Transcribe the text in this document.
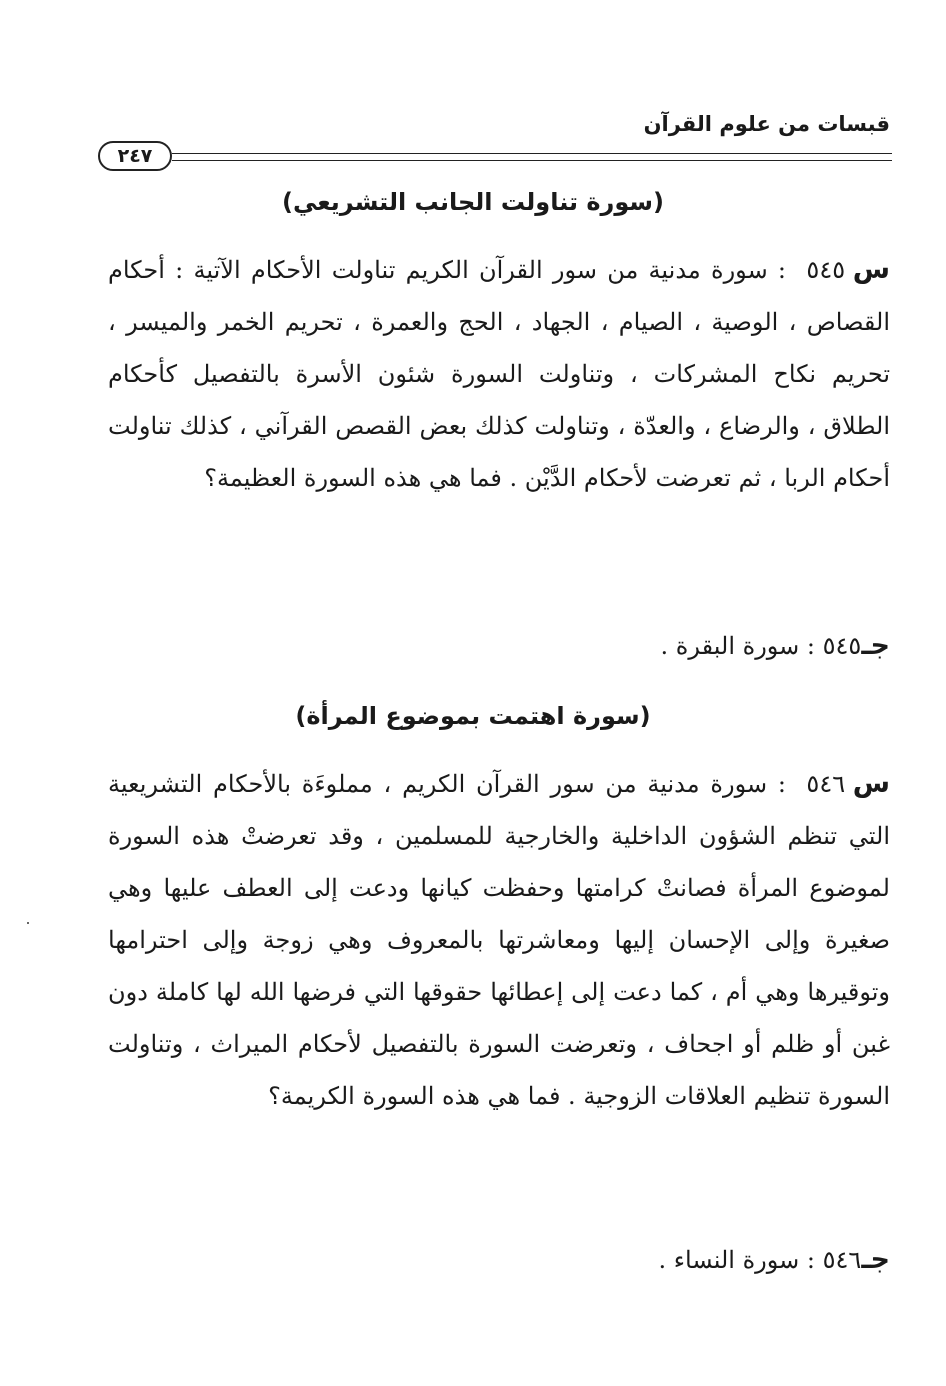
قبسات من علوم القرآن
٢٤٧
(سورة تناولت الجانب التشريعي)
س ٥٤٥
: سورة مدنية من سور القرآن الكريم تناولت الأحكام الآتية : أحكام القصاص ، الوصية ، الصيام ، الجهاد ، الحج والعمرة ، تحريم الخمر والميسر ، تحريم نكاح المشركات ، وتناولت السورة شئون الأسرة بالتفصيل كأحكام الطلاق ، والرضاع ، والعدّة ، وتناولت كذلك بعض القصص القرآني ، كذلك تناولت أحكام الربا ، ثم تعرضت لأحكام الدَّيْن . فما هي هذه السورة العظيمة؟
جـ٥٤٥ : سورة البقرة .
(سورة اهتمت بموضوع المرأة)
س ٥٤٦
: سورة مدنية من سور القرآن الكريم ، مملوءَة بالأحكام التشريعية التي تنظم الشؤون الداخلية والخارجية للمسلمين ، وقد تعرضتْ هذه السورة لموضوع المرأة فصانتْ كرامتها وحفظت كيانها ودعت إلى العطف عليها وهي صغيرة وإلى الإحسان إليها ومعاشرتها بالمعروف وهي زوجة وإلى احترامها وتوقيرها وهي أم ، كما دعت إلى إعطائها حقوقها التي فرضها الله لها كاملة دون غبن أو ظلم أو اجحاف ، وتعرضت السورة بالتفصيل لأحكام الميراث ، وتناولت السورة تنظيم العلاقات الزوجية . فما هي هذه السورة الكريمة؟
جـ٥٤٦ : سورة النساء .
